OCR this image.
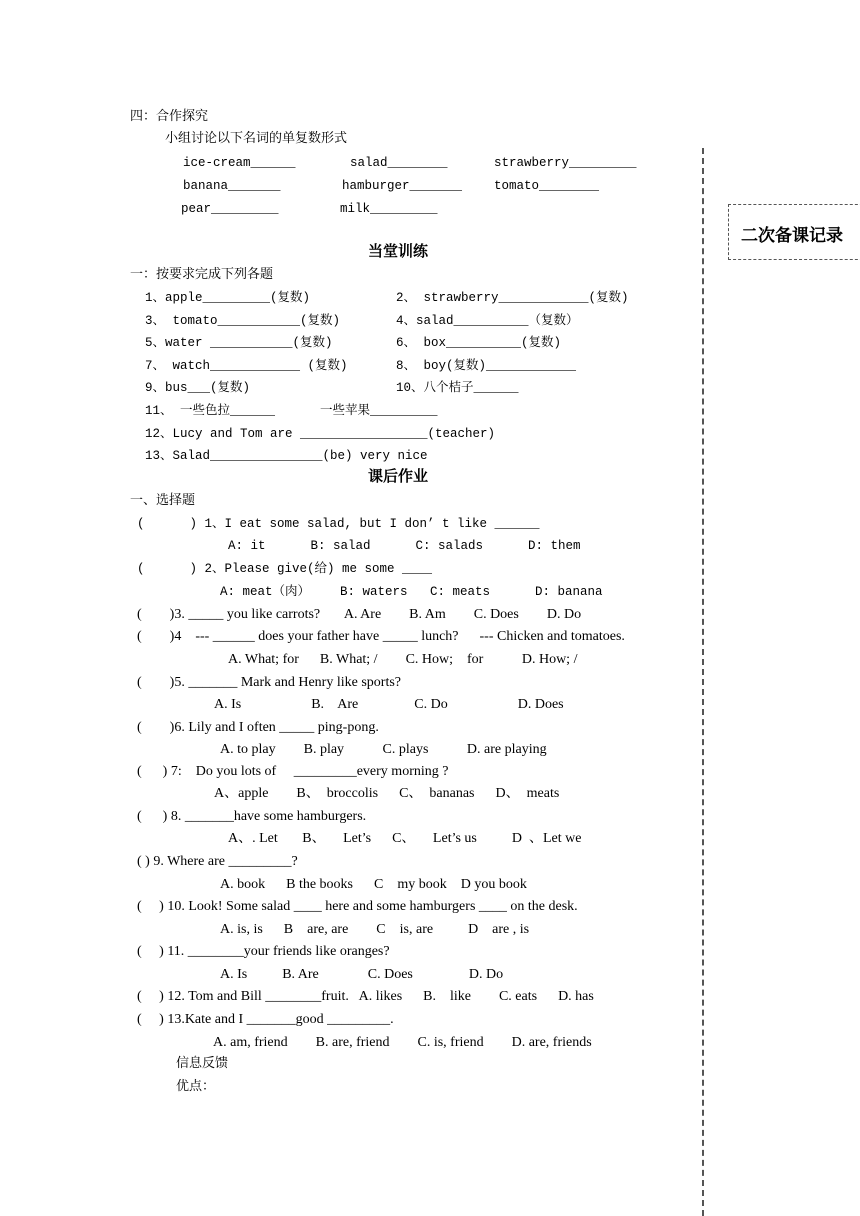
二次备课记录
四：合作探究
小组讨论以下名词的单复数形式
ice-cream______	salad________	strawberry_________
banana_______	hamburger_______	tomato________
pear_________	milk_________
当堂训练
一：按要求完成下列各题
1、apple_________(复数)	2、 strawberry____________(复数)
3、 tomato___________(复数)	4、salad__________（复数）
5、water ___________(复数)	6、 box__________(复数)
7、 watch____________ (复数)	8、 boy(复数)____________
9、bus___(复数)	10、八个桔子______
11、 一些色拉______	一些苹果_________
12、Lucy and Tom are _________________(teacher)
13、Salad_______________(be) very nice
课后作业
一、选择题
(      ) 1、I eat some salad, but I don’ t like ______
A: it      B: salad      C: salads      D: them
(      ) 2、Please give(给) me some ____
A: meat（肉）    B: waters   C: meats      D: banana
(        )3. _____ you like carrots?       A. Are        B. Am        C. Does        D. Do
(        )4    --- ______ does your father have _____ lunch?      --- Chicken and tomatoes.
A. What; for      B. What; /        C. How;    for           D. How; /
(        )5. _______ Mark and Henry like sports?
A. Is                    B.    Are                C. Do                    D. Does
(        )6. Lily and I often _____ ping-pong.
A. to play        B. play           C. plays           D. are playing
(      ) 7:    Do you lots of     _________every morning ?
A、apple        B、  broccolis      C、  bananas      D、  meats
(      ) 8. _______have some hamburgers.
A、. Let       B、     Let’s      C、     Let’s us          D  、Let we
( ) 9. Where are _________?
A. book      B the books      C    my book    D you book
(     ) 10. Look! Some salad ____ here and some hamburgers ____ on the desk.
A. is, is      B    are, are        C    is, are          D    are , is
(     ) 11. ________your friends like oranges?
A. Is          B. Are              C. Does                D. Do
(     ) 12. Tom and Bill ________fruit.   A. likes      B.    like        C. eats      D. has
(     ) 13.Kate and I _______good _________.
A. am, friend        B. are, friend        C. is, friend        D. are, friends
信息反馈
优点：
